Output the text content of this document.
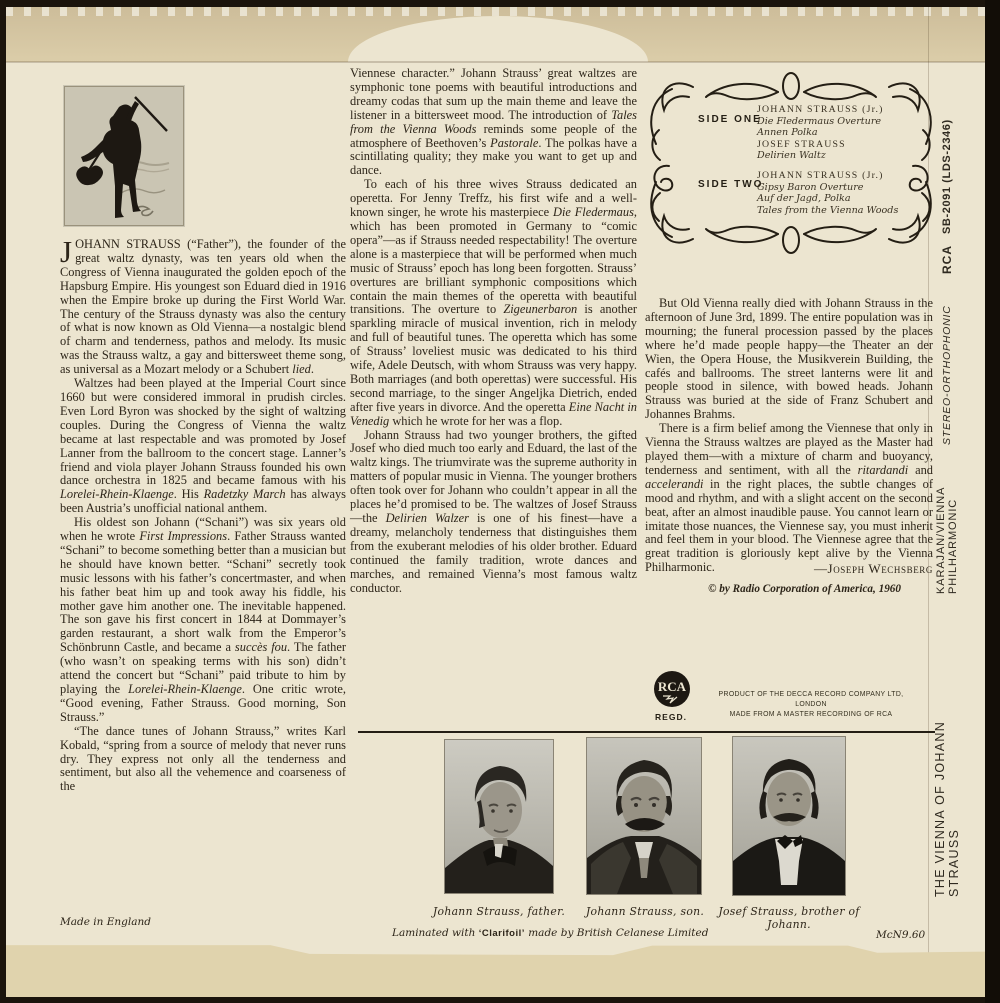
JOHANN STRAUSS (“Father”), the founder of the great waltz dynasty, was ten years old when the Congress of Vienna inaugurated the golden epoch of the Hapsburg Empire. His youngest son Eduard died in 1916 when the Empire broke up during the First World War. The century of the Strauss dynasty was also the century of what is now known as Old Vienna—a nostalgic blend of charm and tenderness, pathos and melody. Its music was the Strauss waltz, a gay and bittersweet theme song, as universal as a Mozart melody or a Schubert lied.

Waltzes had been played at the Imperial Court since 1660 but were considered immoral in prudish circles. Even Lord Byron was shocked by the sight of waltzing couples. During the Congress of Vienna the waltz became at last respectable and was promoted by Josef Lanner from the ballroom to the concert stage. Lanner’s friend and viola player Johann Strauss founded his own dance orchestra in 1825 and became famous with his Lorelei-Rhein-Klaenge. His Radetzky March has always been Austria’s unofficial national anthem.

His oldest son Johann (“Schani”) was six years old when he wrote First Impressions. Father Strauss wanted “Schani” to become something better than a musician but he should have known better. “Schani” secretly took music lessons with his father’s concertmaster, and when his father beat him up and took away his fiddle, his mother gave him another one. The inevitable happened. The son gave his first concert in 1844 at Dommayer’s garden restaurant, a short walk from the Emperor’s Schönbrunn Castle, and became a succès fou. The father (who wasn’t on speaking terms with his son) didn’t attend the concert but “Schani” paid tribute to him by playing the Lorelei-Rhein-Klaenge. One critic wrote, “Good evening, Father Strauss. Good morning, Son Strauss.”

“The dance tunes of Johann Strauss,” writes Karl Kobald, “spring from a source of melody that never runs dry. They express not only all the tenderness and sentiment, but also all the vehemence and coarseness of the

Viennese character.” Johann Strauss’ great waltzes are symphonic tone poems with beautiful introductions and dreamy codas that sum up the main theme and leave the listener in a bittersweet mood. The introduction of Tales from the Vienna Woods reminds some people of the atmosphere of Beethoven’s Pastorale. The polkas have a scintillating quality; they make you want to get up and dance.

To each of his three wives Strauss dedicated an operetta. For Jenny Treffz, his first wife and a well-known singer, he wrote his masterpiece Die Fledermaus, which has been promoted in Germany to “comic opera”—as if Strauss needed respectability! The overture alone is a masterpiece that will be performed when much music of Strauss’ epoch has long been forgotten. Strauss’ overtures are brilliant symphonic compositions which contain the main themes of the operetta with beautiful transitions. The overture to Zigeunerbaron is another sparkling miracle of musical invention, rich in melody and full of beautiful tunes. The operetta which has some of Strauss’ loveliest music was dedicated to his third wife, Adele Deutsch, with whom Strauss was very happy. Both marriages (and both operettas) were successful. His second marriage, to the singer Angeljka Dietrich, ended after five years in divorce. And the operetta Eine Nacht in Venedig which he wrote for her was a flop.

Johann Strauss had two younger brothers, the gifted Josef who died much too early and Eduard, the last of the waltz kings. The triumvirate was the supreme authority in matters of popular music in Vienna. The younger brothers often took over for Johann who couldn’t appear in all the places he’d promised to be. The waltzes of Josef Strauss—the Delirien Walzer is one of his finest—have a dreamy, melancholy tenderness that distinguishes them from the exuberant melodies of his older brother. Eduard continued the family tradition, wrote dances and marches, and remained Vienna’s most famous waltz conductor.

SIDE ONE
JOHANN STRAUSS (Jr.)
Die Fledermaus Overture
Annen Polka
JOSEF STRAUSS
Delirien Waltz
SIDE TWO
JOHANN STRAUSS (Jr.)
Gipsy Baron Overture
Auf der Jagd, Polka
Tales from the Vienna Woods

But Old Vienna really died with Johann Strauss in the afternoon of June 3rd, 1899. The entire population was in mourning; the funeral procession passed by the places where he’d made people happy—the Theater an der Wien, the Opera House, the Musikverein Building, the cafés and ballrooms. The street lanterns were lit and people stood in silence, with bowed heads. Johann Strauss was buried at the side of Franz Schubert and Johannes Brahms.

There is a firm belief among the Viennese that only in Vienna the Strauss waltzes are played as the Master had played them—with a mixture of charm and buoyancy, tenderness and sentiment, with all the ritardandi and accelerandi in the right places, the subtle changes of mood and rhythm, and with a slight accent on the second beat, after an almost inaudible pause. You cannot learn or imitate those nuances, the Viennese say, you must inherit and feel them in your blood. The Viennese agree that the great tradition is gloriously kept alive by the Vienna Philharmonic.	—Joseph Wechsberg
© by Radio Corporation of America, 1960
RCA
REGD.
PRODUCT OF THE DECCA RECORD COMPANY LTD, LONDON
MADE FROM A MASTER RECORDING OF RCA
Johann Strauss, father.	Johann Strauss, son.	Josef Strauss, brother of Johann.
Made in England
Laminated with ‘Clarifoil’ made by British Celanese Limited	McN9.60
STEREO-ORTHOPHONIC
RCA
SB-2091 (LDS-2346)
KARAJAN/VIENNA PHILHARMONIC
THE VIENNA OF JOHANN STRAUSS
